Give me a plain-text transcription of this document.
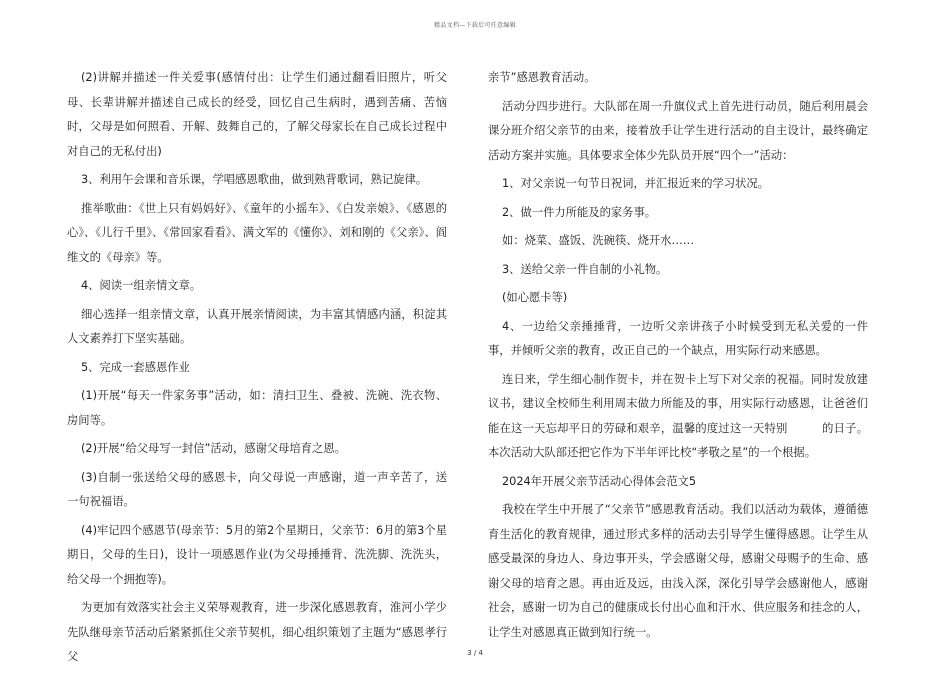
精品文档—下载后可任意编辑

(2)讲解并描述一件关爱事(感情付出：让学生们通过翻看旧照片，听父母、长辈讲解并描述自己成长的经受，回忆自己生病时，遇到苦痛、苦恼时，父母是如何照看、开解、鼓舞自己的，了解父母家长在自己成长过程中对自己的无私付出)

3、利用午会课和音乐课，学唱感恩歌曲，做到熟背歌词，熟记旋律。

推举歌曲：《世上只有妈妈好》、《童年的小摇车》、《白发亲娘》、《感恩的心》、《儿行千里》、《常回家看看》、满文军的《懂你》、刘和刚的《父亲》、阎维文的《母亲》等。

4、阅读一组亲情文章。

细心选择一组亲情文章，认真开展亲情阅读，为丰富其情感内涵，积淀其人文素养打下坚实基础。

5、完成一套感恩作业

(1)开展“每天一件家务事”活动，如：清扫卫生、叠被、洗碗、洗衣物、房间等。

(2)开展“给父母写一封信”活动，感谢父母培育之恩。

(3)自制一张送给父母的感恩卡，向父母说一声感谢，道一声辛苦了，送一句祝福语。

(4)牢记四个感恩节(母亲节：5月的第2个星期日，父亲节：6月的第3个星期日，父母的生日)，设计一项感恩作业(为父母捶捶背、洗洗脚、洗洗头，给父母一个拥抱等)。

为更加有效落实社会主义荣辱观教育，进一步深化感恩教育，淮河小学少先队继母亲节活动后紧紧抓住父亲节契机，细心组织策划了主题为“感恩孝行父

亲节”感恩教育活动。

活动分四步进行。大队部在周一升旗仪式上首先进行动员，随后利用晨会课分班介绍父亲节的由来，接着放手让学生进行活动的自主设计，最终确定活动方案并实施。具体要求全体少先队员开展“四个一”活动：

1、对父亲说一句节日祝词，并汇报近来的学习状况。

2、做一件力所能及的家务事。

如：烧菜、盛饭、洗碗筷、烧开水……

3、送给父亲一件自制的小礼物。

(如心愿卡等)

4、一边给父亲捶捶背，一边听父亲讲孩子小时候受到无私关爱的一件事，并倾听父亲的教育，改正自己的一个缺点，用实际行动来感恩。

连日来，学生细心制作贺卡，并在贺卡上写下对父亲的祝福。同时发放建议书，建议全校师生利用周末做力所能及的事，用实际行动感恩，让爸爸们能在这一天忘却平日的劳碌和艰辛，温馨的度过这一天特别　　　的日子。本次活动大队部还把它作为下半年评比校“孝敬之星”的一个根据。

2024年开展父亲节活动心得体会范文5

我校在学生中开展了“父亲节”感恩教育活动。我们以活动为载体，遵循德育生活化的教育规律，通过形式多样的活动去引导学生懂得感恩。让学生从感受最深的身边人、身边事开头，学会感谢父母，感谢父母赐予的生命、感谢父母的培育之恩。再由近及远，由浅入深，深化引导学会感谢他人，感谢社会，感谢一切为自己的健康成长付出心血和汗水、供应服务和挂念的人，让学生对感恩真正做到知行统一。

3 / 4
